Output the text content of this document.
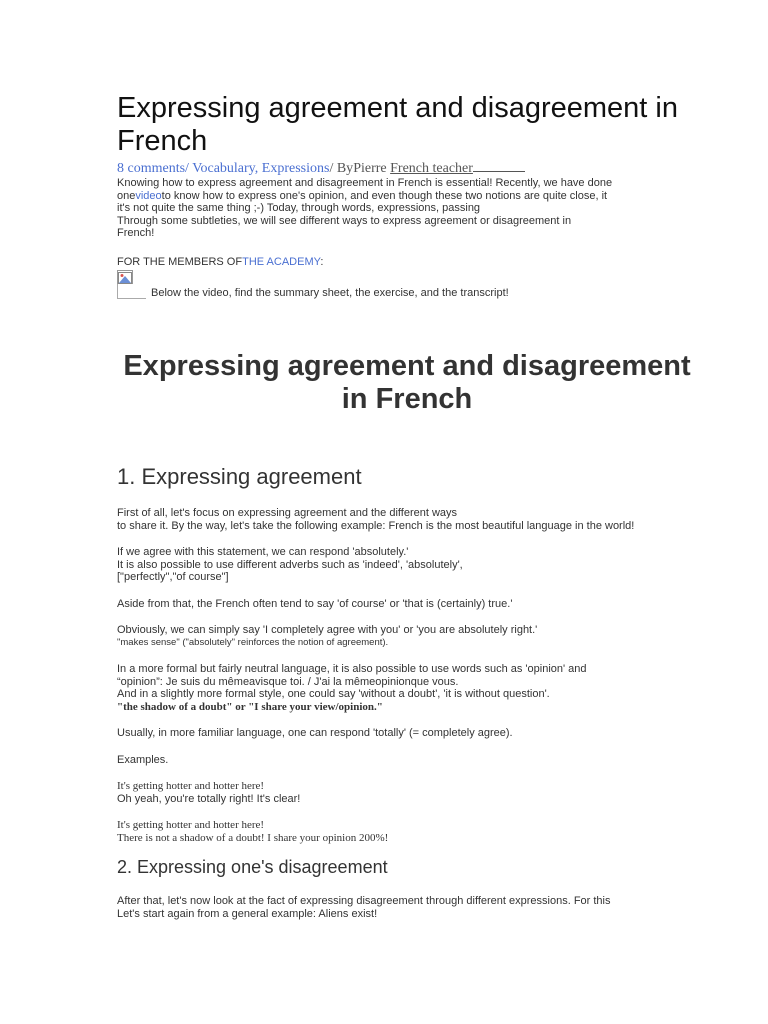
Expressing agreement and disagreement in French
8 comments/ Vocabulary, Expressions/ ByPierre French teacher
Knowing how to express agreement and disagreement in French is essential! Recently, we have done
onevideoto know how to express one's opinion, and even though these two notions are quite close, it
it's not quite the same thing ;-) Today, through words, expressions, passing
Through some subtleties, we will see different ways to express agreement or disagreement in
French!
FOR THE MEMBERS OFTHE ACADEMY:
Below the video, find the summary sheet, the exercise, and the transcript!
Expressing agreement and disagreement in French
1. Expressing agreement
First of all, let's focus on expressing agreement and the different ways
to share it. By the way, let's take the following example: French is the most beautiful language in the world!
If we agree with this statement, we can respond 'absolutely.'
It is also possible to use different adverbs such as 'indeed', 'absolutely',
["perfectly","of course"]
Aside from that, the French often tend to say 'of course' or 'that is (certainly) true.'
Obviously, we can simply say 'I completely agree with you' or 'you are absolutely right.'
"makes sense" ("absolutely" reinforces the notion of agreement).
In a more formal but fairly neutral language, it is also possible to use words such as 'opinion' and
“opinion”: Je suis du mêmeavisque toi. / J'ai la mêmeopinionque vous.
And in a slightly more formal style, one could say 'without a doubt', 'it is without question'.
"the shadow of a doubt" or "I share your view/opinion."
Usually, in more familiar language, one can respond 'totally' (= completely agree).
Examples.
It's getting hotter and hotter here!
Oh yeah, you're totally right! It's clear!
It's getting hotter and hotter here!
There is not a shadow of a doubt! I share your opinion 200%!
2. Expressing one's disagreement
After that, let's now look at the fact of expressing disagreement through different expressions. For this
Let's start again from a general example: Aliens exist!
